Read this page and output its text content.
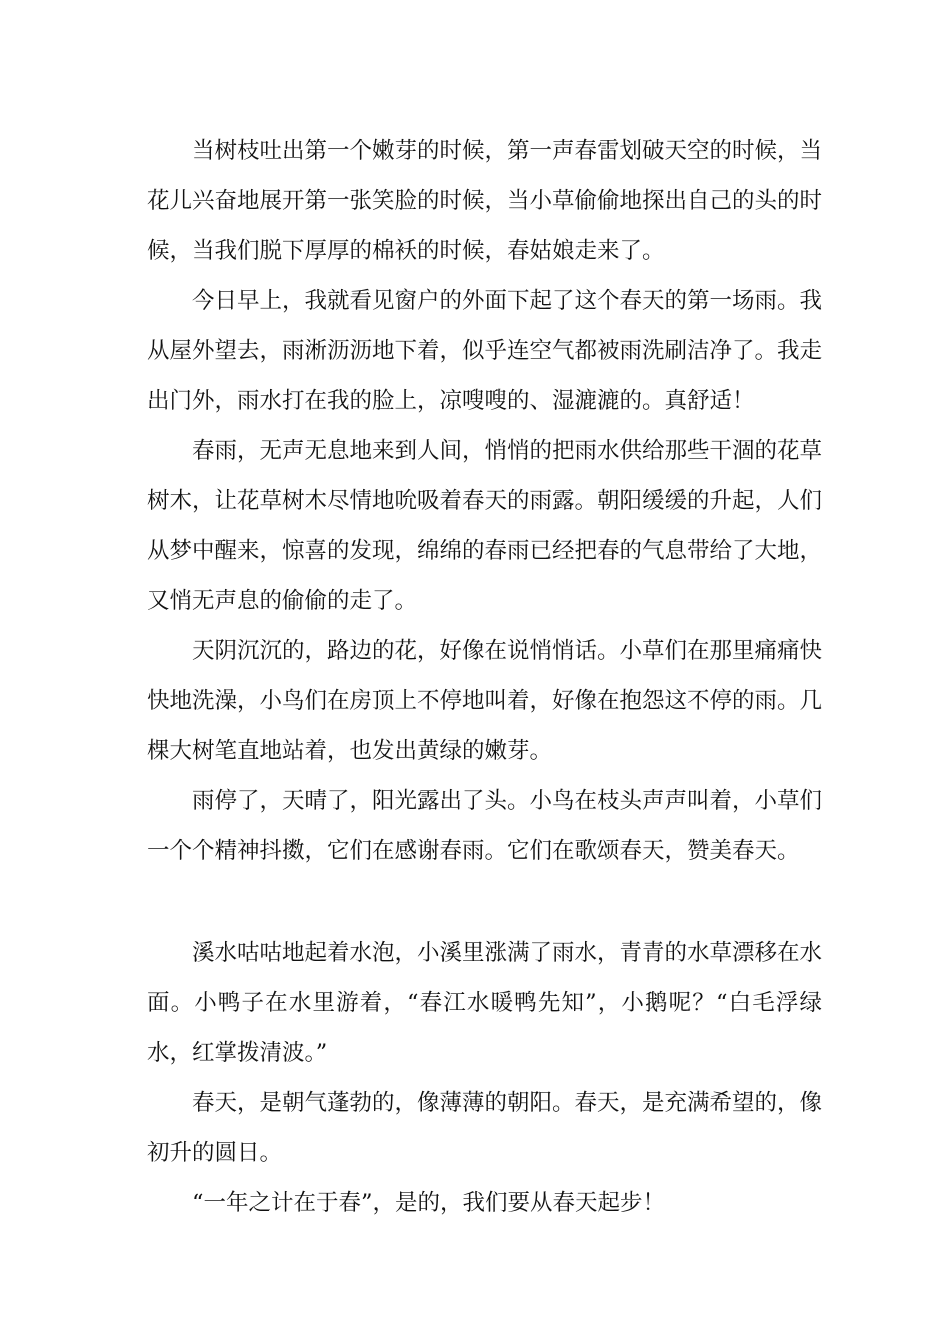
当树枝吐出第一个嫩芽的时候，第一声春雷划破天空的时候，当花儿兴奋地展开第一张笑脸的时候，当小草偷偷地探出自己的头的时候，当我们脱下厚厚的棉袄的时候，春姑娘走来了。

今日早上，我就看见窗户的外面下起了这个春天的第一场雨。我从屋外望去，雨淅沥沥地下着，似乎连空气都被雨洗刷洁净了。我走出门外，雨水打在我的脸上，凉嗖嗖的、湿漉漉的。真舒适！

春雨，无声无息地来到人间，悄悄的把雨水供给那些干涸的花草树木，让花草树木尽情地吮吸着春天的雨露。朝阳缓缓的升起，人们从梦中醒来，惊喜的发现，绵绵的春雨已经把春的气息带给了大地，又悄无声息的偷偷的走了。

天阴沉沉的，路边的花，好像在说悄悄话。小草们在那里痛痛快快地洗澡，小鸟们在房顶上不停地叫着，好像在抱怨这不停的雨。几棵大树笔直地站着，也发出黄绿的嫩芽。

雨停了，天晴了，阳光露出了头。小鸟在枝头声声叫着，小草们一个个精神抖擞，它们在感谢春雨。它们在歌颂春天，赞美春天。

溪水咕咕地起着水泡，小溪里涨满了雨水，青青的水草漂移在水面。小鸭子在水里游着，“春江水暖鸭先知”，小鹅呢？“白毛浮绿水，红掌拨清波。”

春天，是朝气蓬勃的，像薄薄的朝阳。春天，是充满希望的，像初升的圆日。

“一年之计在于春”，是的，我们要从春天起步！
